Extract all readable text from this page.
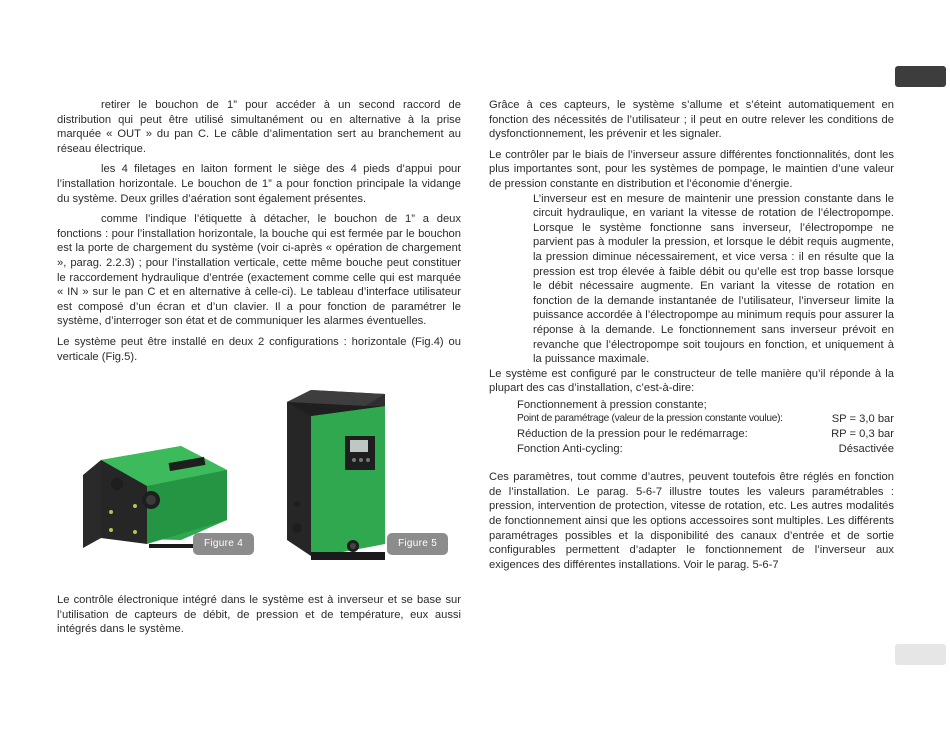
retirer le bouchon de 1” pour accéder à un second raccord de distribution qui peut être utilisé simultanément ou en alternative à la prise marquée « OUT » du pan C. Le câble d’alimentation sert au branchement au réseau électrique.

les 4 filetages en laiton forment le siège des 4 pieds d’appui pour l’installation horizontale. Le bouchon de 1” a pour fonction principale la vidange du système. Deux grilles d’aération sont également présentes.

comme l’indique l’étiquette à détacher, le bouchon de 1” a deux fonctions : pour l’installation horizontale, la bouche qui est fermée par le bouchon est la porte de chargement du système (voir ci-après « opération de chargement », parag. 2.2.3) ; pour l’installation verticale, cette même bouche peut constituer le raccordement hydraulique d’entrée (exactement comme celle qui est marquée « IN » sur le pan C et en alternative à celle-ci). Le tableau d’interface utilisateur est composé d’un écran et d’un clavier. Il a pour fonction de paramétrer le système, d’interroger son état et de communiquer les alarmes éventuelles.

Le système peut être installé en deux 2 configurations : horizontale (Fig.4) ou verticale (Fig.5).

Figure 4	Figure 5

Le contrôle électronique intégré dans le système est à inverseur et se base sur l’utilisation de capteurs de débit, de pression et de température, eux aussi intégrés dans le système.

Grâce à ces capteurs, le système s’allume et s’éteint automatiquement en fonction des nécessités de l’utilisateur ; il peut en outre relever les conditions de dysfonctionnement, les prévenir et les signaler.

Le contrôler par le biais de l’inverseur assure différentes fonctionnalités, dont les plus importantes sont, pour les systèmes de pompage, le maintien d’une valeur de pression constante en distribution et l’économie d’énergie.

L’inverseur est en mesure de maintenir une pression constante dans le circuit hydraulique, en variant la vitesse de rotation de l’électropompe. Lorsque le système fonctionne sans inverseur, l’électropompe ne parvient pas à moduler la pression, et lorsque le débit requis augmente, la pression diminue nécessairement, et vice versa : il en résulte que la pression est trop élevée à faible débit ou qu’elle est trop basse lorsque le débit nécessaire augmente. En variant la vitesse de rotation en fonction de la demande instantanée de l’utilisateur, l’inverseur limite la puissance accordée à l’électropompe au minimum requis pour assurer la réponse à la demande. Le fonctionnement sans inverseur prévoit en revanche que l’électropompe soit toujours en fonction, et uniquement à la puissance maximale.

Le système est configuré par le constructeur de telle manière qu’il réponde à la plupart des cas d’installation, c’est-à-dire:

Fonctionnement à pression constante;
Point de paramétrage (valeur de la pression constante voulue):	SP = 3,0 bar
Réduction de la pression pour le redémarrage:	RP = 0,3 bar
Fonction Anti-cycling:	Désactivée

Ces paramètres, tout comme d’autres, peuvent toutefois être réglés en fonction de l’installation. Le parag. 5-6-7 illustre toutes les valeurs paramétrables : pression, intervention de protection, vitesse de rotation, etc. Les autres modalités de fonctionnement ainsi que les options accessoires sont multiples. Les différents paramétrages possibles et la disponibilité des canaux d’entrée et de sortie configurables permettent d’adapter le fonctionnement de l’inverseur aux exigences des différentes installations. Voir le parag. 5-6-7
